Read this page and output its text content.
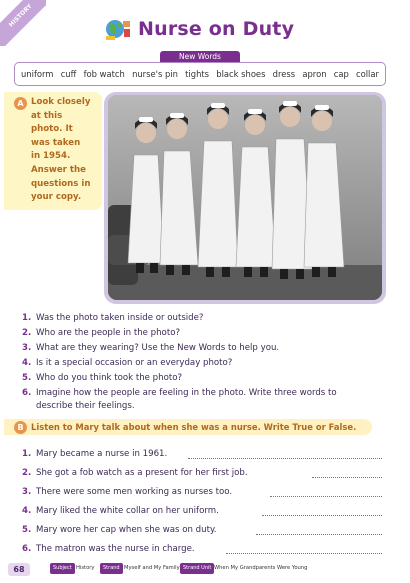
HISTORY
Nurse on Duty
New Words
uniform cuff fob watch nurse's pin tights black shoes dress apron cap collar
A Look closely
at this
photo. It
was taken
in 1954.
Answer the
questions in
your copy.
1. Was the photo taken inside or outside?
2. Who are the people in the photo?
3. What are they wearing? Use the New Words to help you.
4. Is it a special occasion or an everyday photo?
5. Who do you think took the photo?
6. Imagine how the people are feeling in the photo. Write three words to
describe their feelings.
B Listen to Mary talk about when she was a nurse. Write True or False.
1. Mary became a nurse in 1961.
2. She got a fob watch as a present for her first job.
3. There were some men working as nurses too.
4. Mary liked the white collar on her uniform.
5. Mary wore her cap when she was on duty.
6. The matron was the nurse in charge.
68	Subject History	Strand Myself and My Family Strand Unit When My Grandparents Were Young
